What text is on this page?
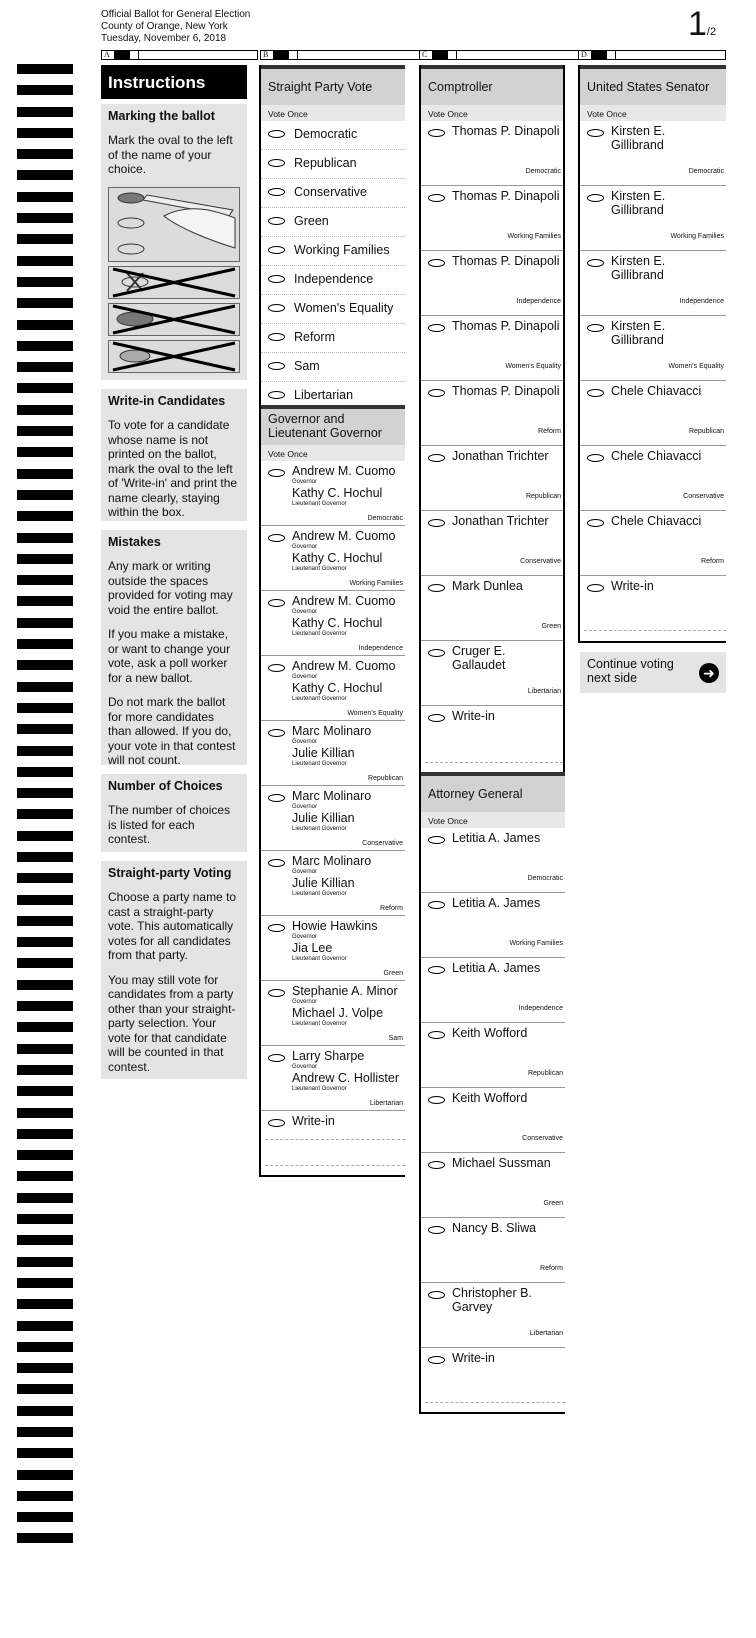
Official Ballot for General Election
County of Orange, New York
Tuesday, November 6, 2018	1/2
A	B	C	D
Instructions
Marking the ballot

Mark the oval to the left of the name of your choice.

Write-in Candidates

To vote for a candidate whose name is not printed on the ballot, mark the oval to the left of 'Write-in' and print the name clearly, staying within the box.

Mistakes

Any mark or writing outside the spaces provided for voting may void the entire ballot.

If you make a mistake, or want to change your vote, ask a poll worker for a new ballot.

Do not mark the ballot for more candidates than allowed. If you do, your vote in that contest will not count.

Number of Choices

The number of choices is listed for each contest.

Straight-party Voting

Choose a party name to cast a straight-party vote. This automatically votes for all candidates from that party.

You may still vote for candidates from a party other than your straight-party selection. Your vote for that candidate will be counted in that contest.

Straight Party Vote
Vote Once
Democratic
Republican
Conservative
Green
Working Families
Independence
Women's Equality
Reform
Sam
Libertarian
Governor and Lieutenant Governor
Vote Once
Andrew M. Cuomo
Governor
Kathy C. Hochul
Lieutenant Governor
Democratic
Andrew M. Cuomo
Governor
Kathy C. Hochul
Lieutenant Governor
Working Families
Andrew M. Cuomo
Governor
Kathy C. Hochul
Lieutenant Governor
Independence
Andrew M. Cuomo
Governor
Kathy C. Hochul
Lieutenant Governor
Women's Equality
Marc Molinaro
Governor
Julie Killian
Lieutenant Governor
Republican
Marc Molinaro
Governor
Julie Killian
Lieutenant Governor
Conservative
Marc Molinaro
Governor
Julie Killian
Lieutenant Governor
Reform
Howie Hawkins
Governor
Jia Lee
Lieutenant Governor
Green
Stephanie A. Minor
Governor
Michael J. Volpe
Lieutenant Governor
Sam
Larry Sharpe
Governor
Andrew C. Hollister
Lieutenant Governor
Libertarian
Write-in
Comptroller
Vote Once
Thomas P. Dinapoli
Democratic
Thomas P. Dinapoli
Working Families
Thomas P. Dinapoli
Independence
Thomas P. Dinapoli
Women's Equality
Thomas P. Dinapoli
Reform
Jonathan Trichter
Republican
Jonathan Trichter
Conservative
Mark Dunlea
Green
Cruger E. Gallaudet
Libertarian
Write-in
Attorney General
Vote Once
Letitia A. James
Democratic
Letitia A. James
Working Families
Letitia A. James
Independence
Keith Wofford
Republican
Keith Wofford
Conservative
Michael Sussman
Green
Nancy B. Sliwa
Reform
Christopher B. Garvey
Libertarian
Write-in
United States Senator
Vote Once
Kirsten E. Gillibrand
Democratic
Kirsten E. Gillibrand
Working Families
Kirsten E. Gillibrand
Independence
Kirsten E. Gillibrand
Women's Equality
Chele Chiavacci
Republican
Chele Chiavacci
Conservative
Chele Chiavacci
Reform
Write-in
Continue voting next side	➜
